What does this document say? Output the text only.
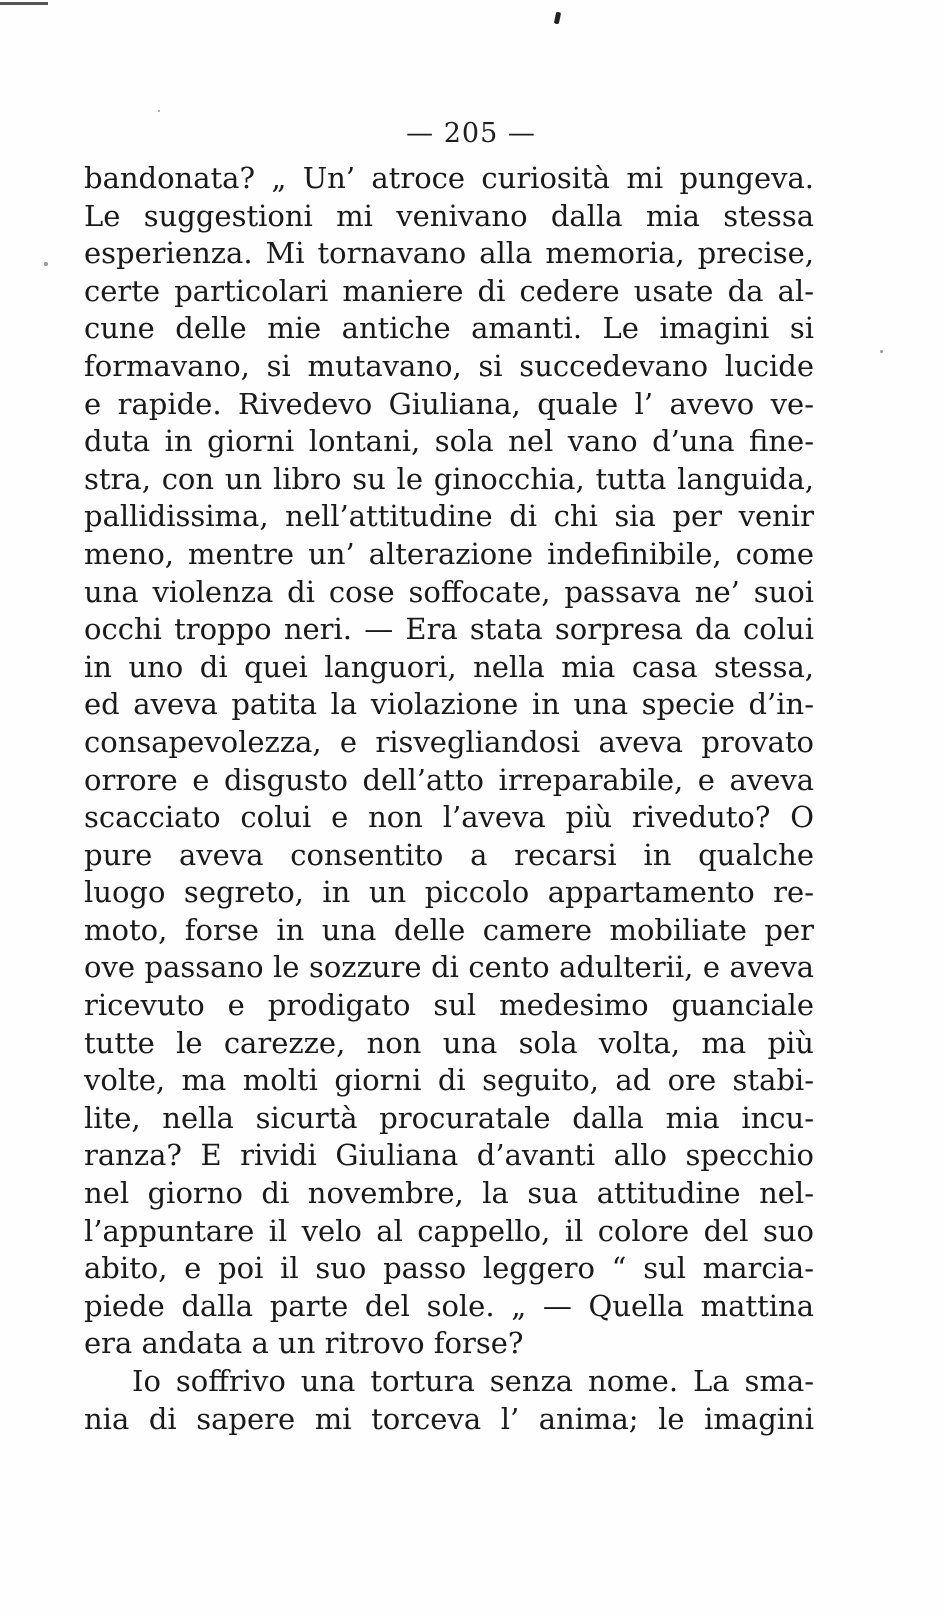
— 205 —
bandonata? „ Un’ atroce curiosità mi pungeva.
Le suggestioni mi venivano dalla mia stessa
esperienza. Mi tornavano alla memoria, precise,
certe particolari maniere di cedere usate da al-
cune delle mie antiche amanti. Le imagini si
formavano, si mutavano, si succedevano lucide
e rapide. Rivedevo Giuliana, quale l’ avevo ve-
duta in giorni lontani, sola nel vano d’una fine-
stra, con un libro su le ginocchia, tutta languida,
pallidissima, nell’attitudine di chi sia per venir
meno, mentre un’ alterazione indefinibile, come
una violenza di cose soffocate, passava ne’ suoi
occhi troppo neri. — Era stata sorpresa da colui
in uno di quei languori, nella mia casa stessa,
ed aveva patita la violazione in una specie d’in-
consapevolezza, e risvegliandosi aveva provato
orrore e disgusto dell’atto irreparabile, e aveva
scacciato colui e non l’aveva più riveduto? O
pure aveva consentito a recarsi in qualche
luogo segreto, in un piccolo appartamento re-
moto, forse in una delle camere mobiliate per
ove passano le sozzure di cento adulterii, e aveva
ricevuto e prodigato sul medesimo guanciale
tutte le carezze, non una sola volta, ma più
volte, ma molti giorni di seguito, ad ore stabi-
lite, nella sicurtà procuratale dalla mia incu-
ranza? E rividi Giuliana d’avanti allo specchio
nel giorno di novembre, la sua attitudine nel-
l’appuntare il velo al cappello, il colore del suo
abito, e poi il suo passo leggero “ sul marcia-
piede dalla parte del sole. „ — Quella mattina
era andata a un ritrovo forse?
Io soffrivo una tortura senza nome. La sma-
nia di sapere mi torceva l’ anima; le imagini
